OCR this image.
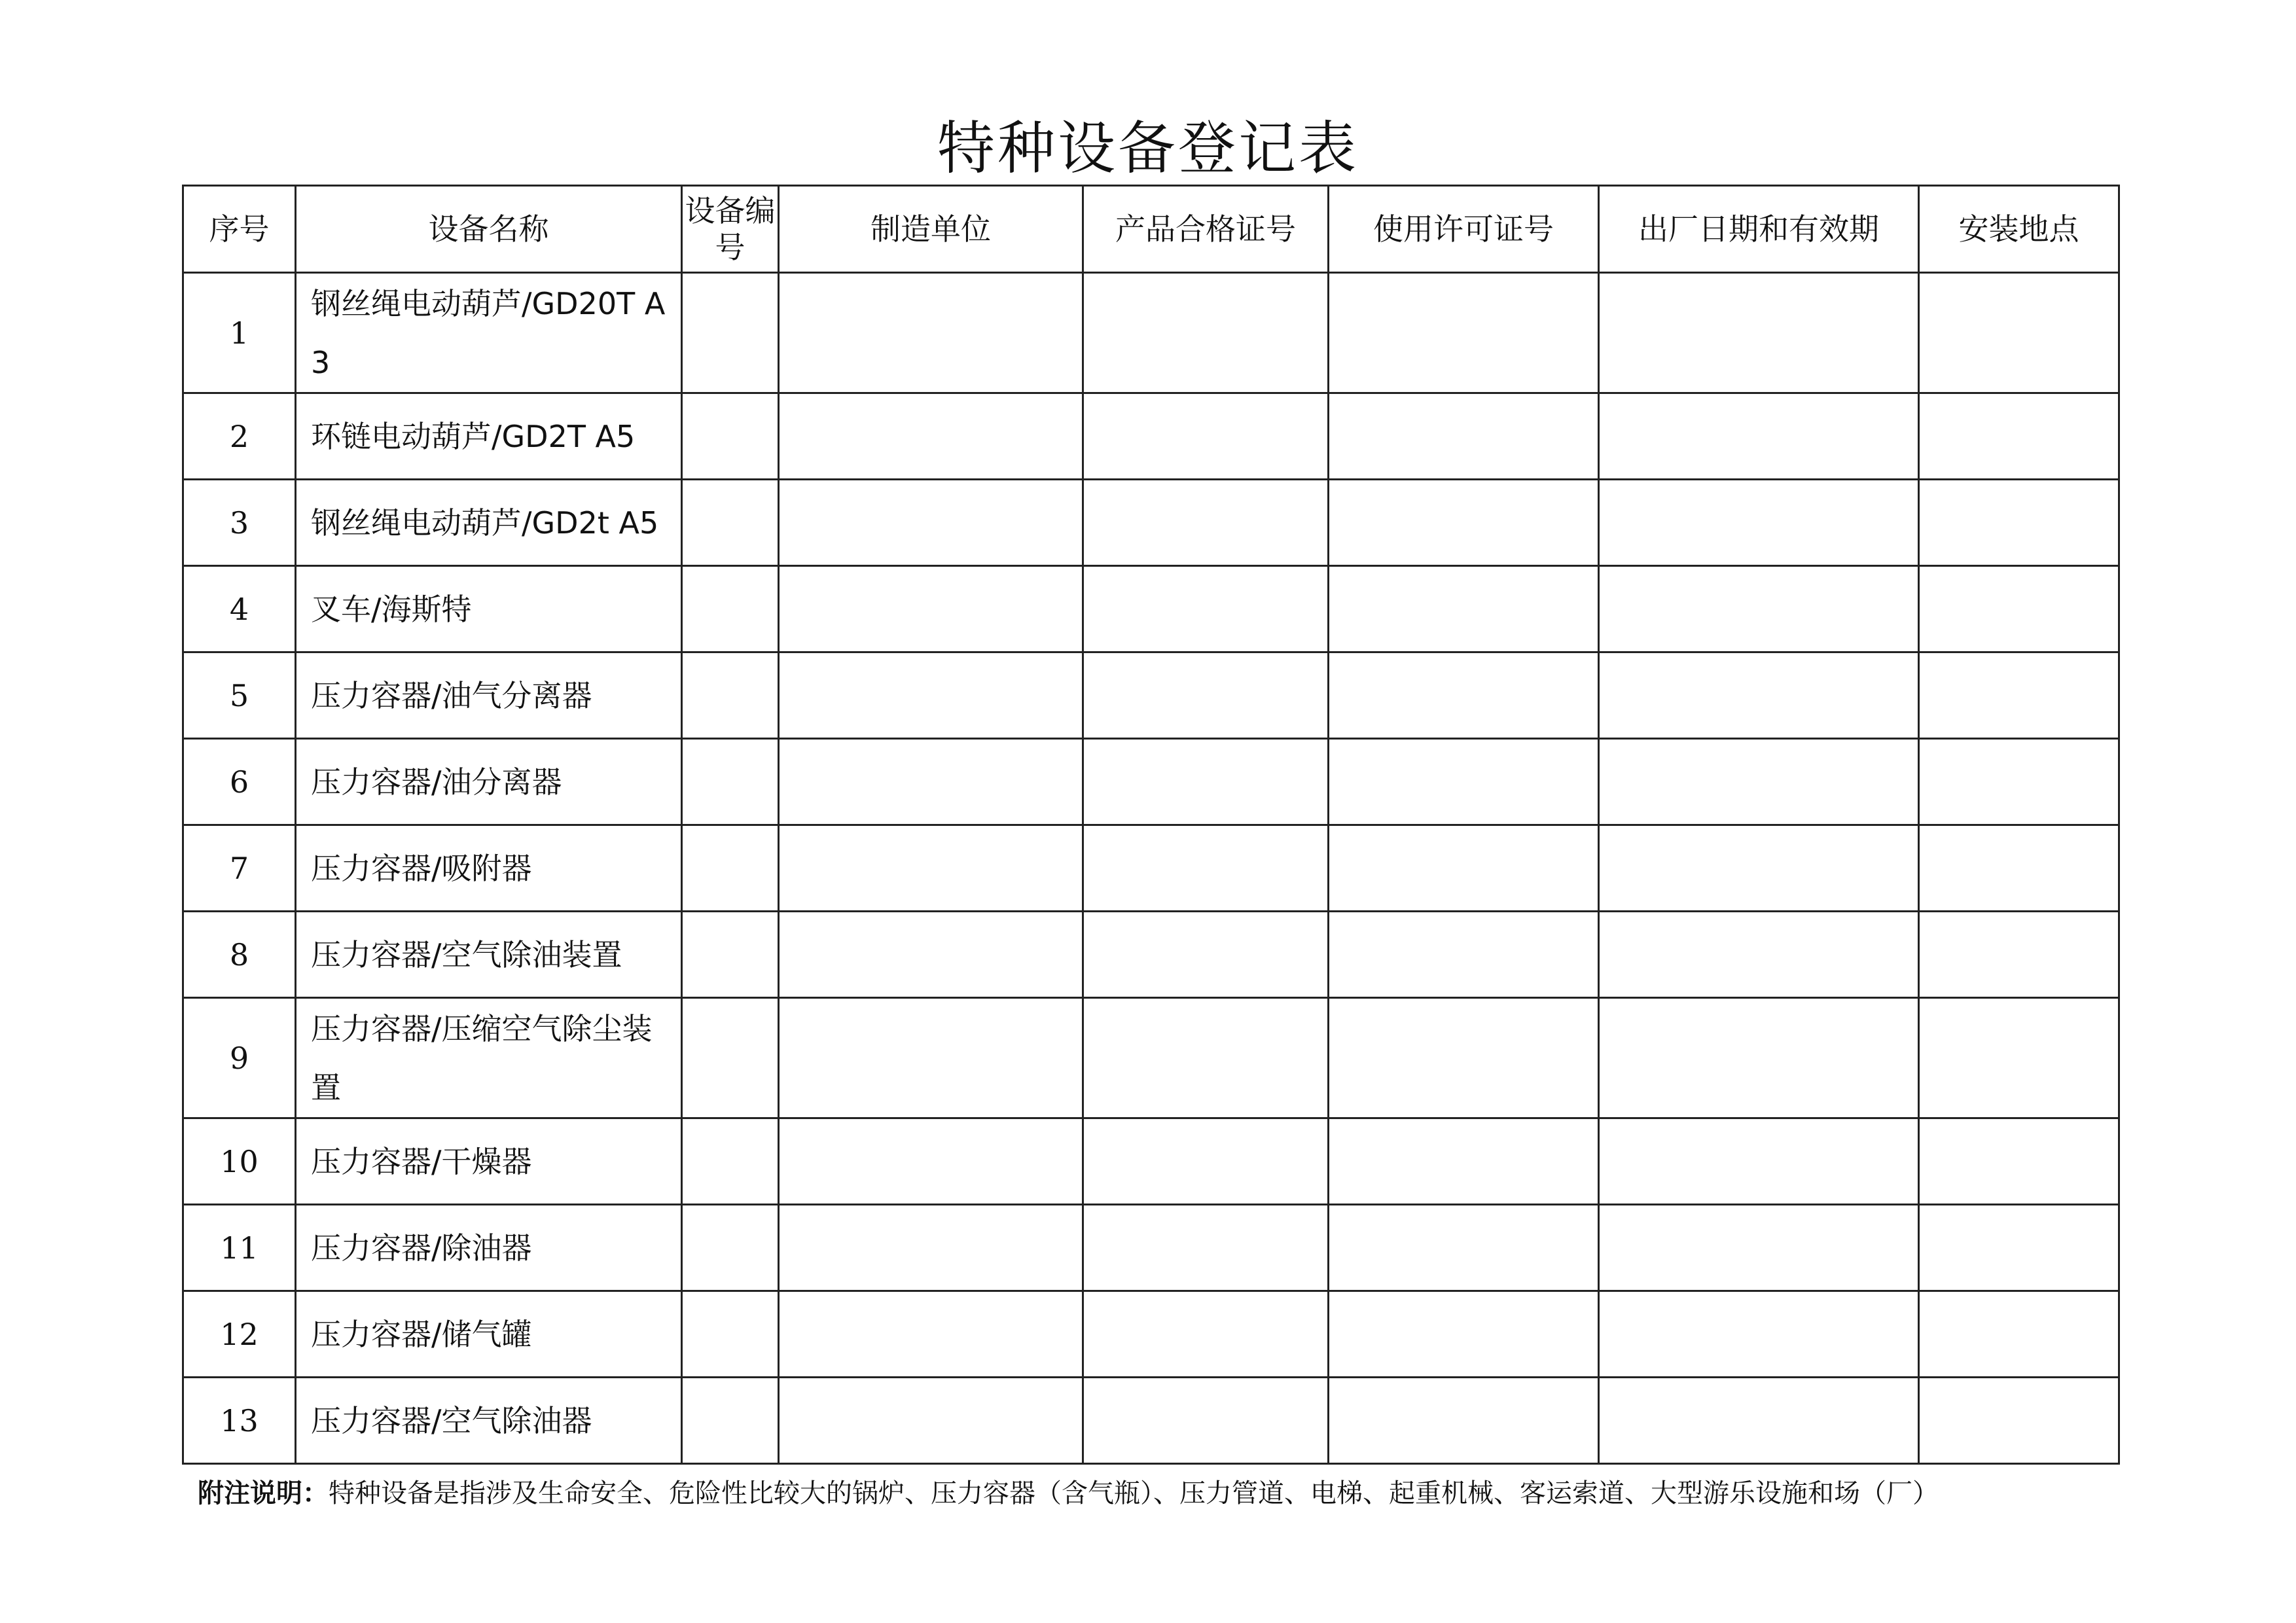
特种设备登记表
序号	设备名称	设备编号	制造单位	产品合格证号	使用许可证号	出厂日期和有效期	安装地点
1	钢丝绳电动葫芦/GD20T A3						
2	环链电动葫芦/GD2T A5						
3	钢丝绳电动葫芦/GD2t A5						
4	叉车/海斯特						
5	压力容器/油气分离器						
6	压力容器/油分离器						
7	压力容器/吸附器						
8	压力容器/空气除油装置						
9	压力容器/压缩空气除尘装置						
10	压力容器/干燥器						
11	压力容器/除油器						
12	压力容器/储气罐						
13	压力容器/空气除油器						
附注说明：特种设备是指涉及生命安全、危险性比较大的锅炉、压力容器（含气瓶）、压力管道、电梯、起重机械、客运索道、大型游乐设施和场（厂）
